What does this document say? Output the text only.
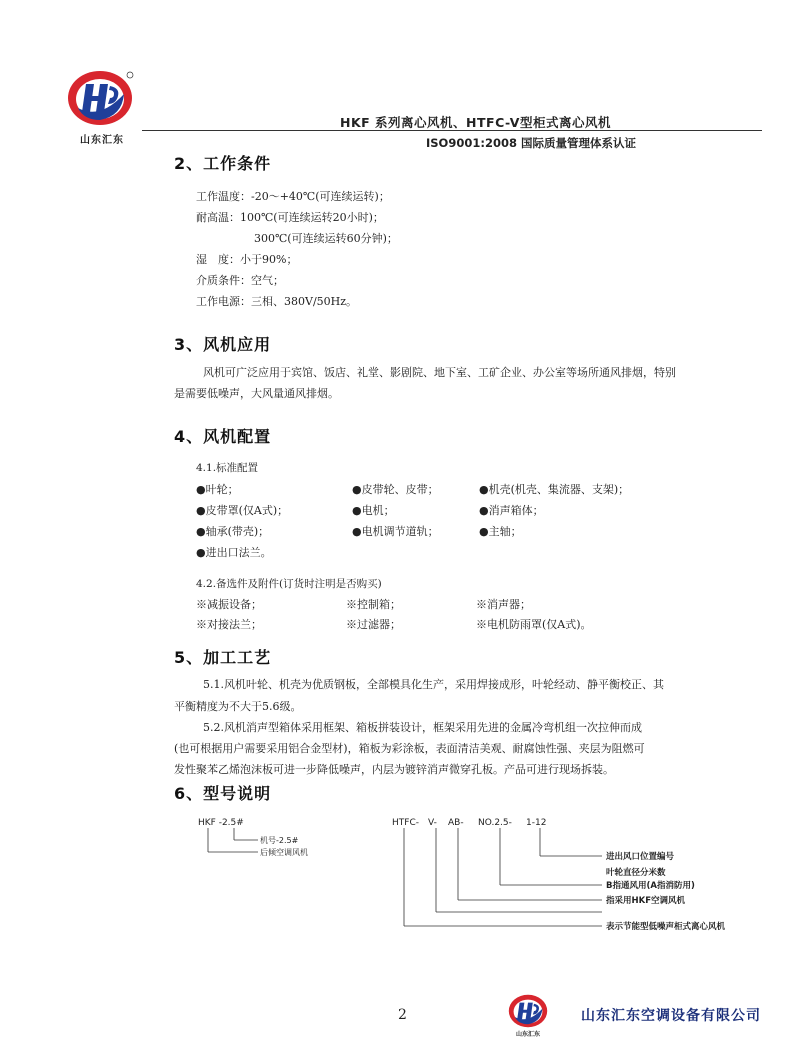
山东汇东
HKF 系列离心风机、HTFC-V型柜式离心风机
ISO9001:2008 国际质量管理体系认证
2、工作条件
工作温度：-20～+40℃(可连续运转)；
耐高温：100℃(可连续运转20小时)；
300℃(可连续运转60分钟)；
湿　度：小于90%；
介质条件：空气；
工作电源：三相、380V/50Hz。
3、风机应用
风机可广泛应用于宾馆、饭店、礼堂、影剧院、地下室、工矿企业、办公室等场所通风排烟，特别
是需要低噪声，大风量通风排烟。
4、风机配置
4.1.标准配置
●叶轮；	●皮带轮、皮带；	●机壳(机壳、集流器、支架)；
●皮带罩(仅A式)；	●电机；	●消声箱体；
●轴承(带壳)；	●电机调节道轨；	●主轴；
●进出口法兰。
4.2.备选件及附件(订货时注明是否购买)
※减振设备；	※控制箱；	※消声器；
※对接法兰；	※过滤器；	※电机防雨罩(仅A式)。
5、加工工艺
5.1.风机叶轮、机壳为优质钢板，全部模具化生产，采用焊接成形，叶轮经动、静平衡校正、其
平衡精度为不大于5.6级。
5.2.风机消声型箱体采用框架、箱板拼装设计，框架采用先进的金属冷弯机组一次拉伸而成
(也可根据用户需要采用铝合金型材)，箱板为彩涂板，表面清洁美观、耐腐蚀性强、夹层为阻燃可
发性聚苯乙烯泡沫板可进一步降低噪声，内层为镀锌消声微穿孔板。产品可进行现场拆装。
6、型号说明
HKF -2.5#
机号-2.5#
后倾空调风机
HTFC- V- AB- NO.2.5- 1-12
进出风口位置编号
叶轮直径分米数
B指通风用(A指消防用)
指采用HKF空调风机
表示节能型低噪声柜式离心风机
2
山东汇东
山东汇东空调设备有限公司
